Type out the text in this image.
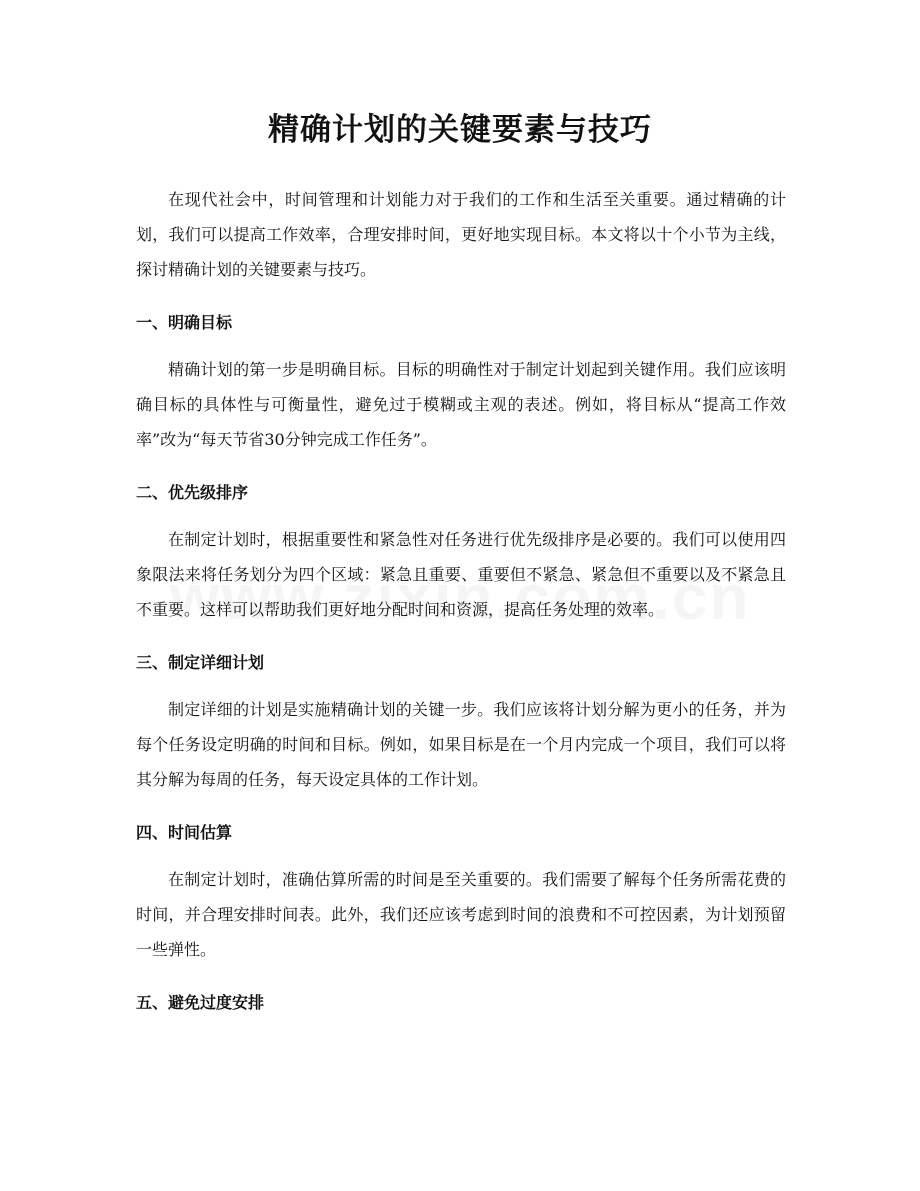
精确计划的关键要素与技巧

在现代社会中，时间管理和计划能力对于我们的工作和生活至关重要。通过精确的计划，我们可以提高工作效率，合理安排时间，更好地实现目标。本文将以十个小节为主线，探讨精确计划的关键要素与技巧。

一、明确目标

精确计划的第一步是明确目标。目标的明确性对于制定计划起到关键作用。我们应该明确目标的具体性与可衡量性，避免过于模糊或主观的表述。例如，将目标从“提高工作效率”改为“每天节省30分钟完成工作任务”。

二、优先级排序

在制定计划时，根据重要性和紧急性对任务进行优先级排序是必要的。我们可以使用四象限法来将任务划分为四个区域：紧急且重要、重要但不紧急、紧急但不重要以及不紧急且不重要。这样可以帮助我们更好地分配时间和资源，提高任务处理的效率。

三、制定详细计划

制定详细的计划是实施精确计划的关键一步。我们应该将计划分解为更小的任务，并为每个任务设定明确的时间和目标。例如，如果目标是在一个月内完成一个项目，我们可以将其分解为每周的任务，每天设定具体的工作计划。

四、时间估算

在制定计划时，准确估算所需的时间是至关重要的。我们需要了解每个任务所需花费的时间，并合理安排时间表。此外，我们还应该考虑到时间的浪费和不可控因素，为计划预留一些弹性。

五、避免过度安排
